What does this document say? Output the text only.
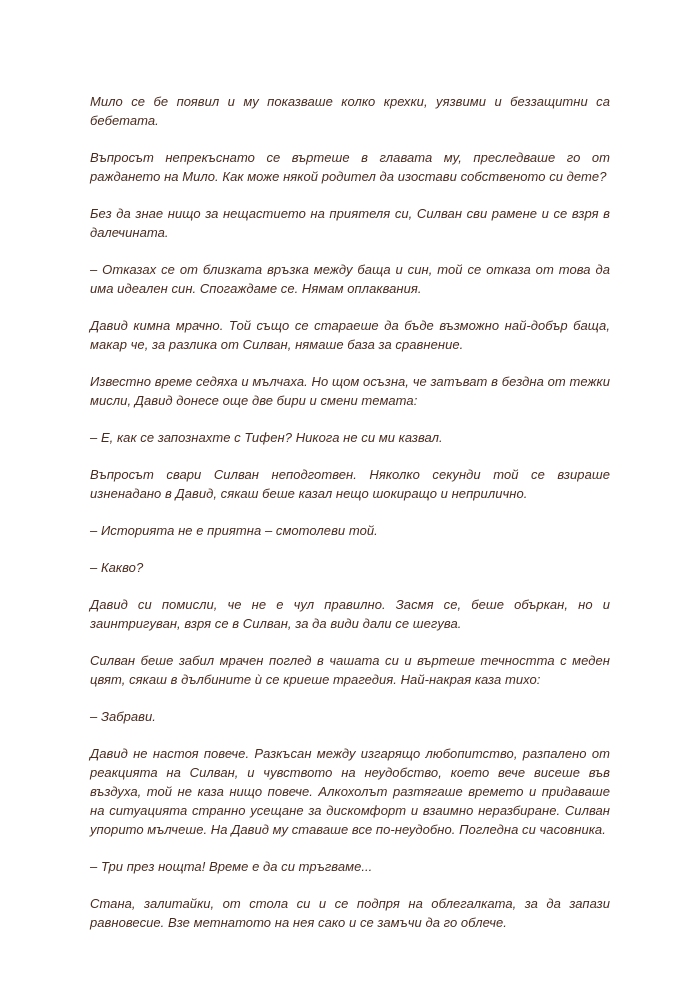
Мило се бе появил и му показваше колко крехки, уязвими и беззащитни са бебетата.

Въпросът непрекъснато се въртеше в главата му, преследваше го от раждането на Мило. Как може някой родител да изостави собственото си дете?

Без да знае нищо за нещастието на приятеля си, Силван сви рамене и се взря в далечината.

– Отказах се от близката връзка между баща и син, той се отказа от това да има идеален син. Спогаждаме се. Нямам оплаквания.

Давид кимна мрачно. Той също се стараеше да бъде възможно най-добър баща, макар че, за разлика от Силван, нямаше база за сравнение.

Известно време седяха и мълчаха. Но щом осъзна, че затъват в бездна от тежки мисли, Давид донесе още две бири и смени темата:

– Е, как се запознахте с Тифен? Никога не си ми казвал.

Въпросът свари Силван неподготвен. Няколко секунди той се взираше изненадано в Давид, сякаш беше казал нещо шокиращо и неприлично.

– Историята не е приятна – смотолеви той.

– Какво?

Давид си помисли, че не е чул правилно. Засмя се, беше объркан, но и заинтригуван, взря се в Силван, за да види дали се шегува.

Силван беше забил мрачен поглед в чашата си и въртеше течността с меден цвят, сякаш в дълбините ѝ се криеше трагедия. Най-накрая каза тихо:

– Забрави.

Давид не настоя повече. Разкъсан между изгарящо любопитство, разпалено от реакцията на Силван, и чувството на неудобство, което вече висеше във въздуха, той не каза нищо повече. Алкохолът разтягаше времето и придаваше на ситуацията странно усещане за дискомфорт и взаимно неразбиране. Силван упорито мълчеше. На Давид му ставаше все по-неудобно. Погледна си часовника.

– Три през нощта! Време е да си тръгваме...

Стана, залитайки, от стола си и се подпря на облегалката, за да запази равновесие. Взе метнатото на нея сако и се замъчи да го облече.
